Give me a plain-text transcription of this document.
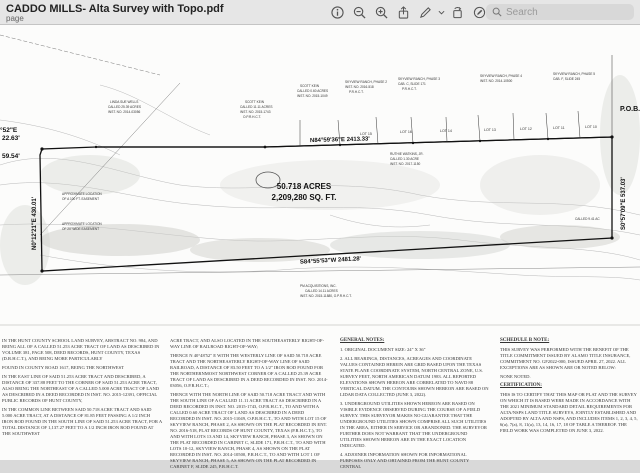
CADDO MILLS- Alta Survey with Topo.pdf
page
Search
SCOTT KEIN
CALLED 11.11 ACRES
INST. NO. 2015-1743
O.P.R.H.C.T.
SCOTT KEIN
CALLED 0.60 ACRES
INST. NO. 2015-1049
SKYVIEW RANCH, PHASE 2
INST. NO. 2016-518
P.R.H.C.T.
SKYVIEW RANCH, PHASE 3
CAB. C, SLIDE 171
P.R.H.C.T.
SKYVIEW RANCH, PHASE 4
INST. NO. 2014-10500
SKYVIEW RANCH, PHASE 5
CAB. F, SLIDE 245
LINDA SUE WELLS
CALLED 25.39 ACRES
INST. NO. 2014-03056
RUTHIE WATKINS, JR.
CALLED 1.30 ACRE
INST. NO. 2017-1150
APPROXIMATE LOCATION
OF A 100 FT. EASEMENT
APPROXIMATE LOCATION
OF 20' WIDE EASEMENT
CALLED 9.41 AC
LOT 15	LOT 16	LOT 14	LOT 13	LOT 12	LOT 11	LOT 10
N84°59'36"E 2413.33'
S84°55'53"W 2481.28'
N0°12'21"E 430.01'	S0°57'09"E 537.03'
50.718 ACRES
2,209,280 SQ. FT.
P.O.B.
°52"E
22.63'
59.54'
PM ACQUISITIONS, INC.
CALLED 14.11 ACRES
INST. NO. 2015-11880, O.P.R.H.C.T.

IN THE HUNT COUNTY SCHOOL LAND SURVEY, ABSTRACT NO. 984, AND BEING ALL OF A CALLED 51.253 ACRE TRACT OF LAND AS DESCRIBED IN VOLUME 381, PAGE 508, DEED RECORDS, HUNT COUNTY, TEXAS (D.R.H.C.T.), AND BEING MORE PARTICULARLY

FOUND IN COUNTY ROAD 1617, BEING THE NORTHWEST

IN THE EAST LINE OF SAID 51.253 ACRE TRACT AND DESCRIBED, A DISTANCE OF 337.88 FEET TO THE CORNER OF SAID 51.253 ACRE TRACT, ALSO BEING THE NORTHEAST OF A CALLED 5.000 ACRE TRACT OF LAND AS DESCRIBED IN A DEED RECORDED IN INST. NO. 2015-12391, OFFICIAL PUBLIC RECORDS OF HUNT COUNTY,

IN THE COMMON LINE BETWEEN SAID 50.718 ACRE TRACT AND SAID 5.000 ACRE TRACT, AT A DISTANCE OF 81.85 FEET PASSING A 1/2 INCH IRON ROD FOUND IN THE SOUTH LINE OF SAID 51.253 ACRE TRACT, FOR A TOTAL DISTANCE OF 1,137.27 FEET TO A 1/2 INCH IRON ROD FOUND AT THE SOUTHWEST

ACRE TRACT, AND ALSO LOCATED IN THE SOUTHEASTERLY RIGHT-OF-WAY LINE OF RAILROAD RIGHT-OF-WAY;

THENCE N 40°48'52" E WITH THE WESTERLY LINE OF SAID 50.718 ACRE TRACT AND THE NORTHEASTERLY RIGHT-OF-WAY LINE OF SAID RAILROAD, A DISTANCE OF 83.50 FEET TO A 1/2" IRON ROD FOUND FOR THE NORTHERNMOST NORTHWEST CORNER OF A CALLED 25.39 ACRE TRACT OF LAND AS DESCRIBED IN A DEED RECORDED IN INST. NO. 2014-03056, O.P.R.H.C.T.;

THENCE WITH THE NORTH LINE OF SAID 50.718 ACRE TRACT AND WITH THE SOUTH LINE OF A CALLED 11.11 ACRE TRACT AS DESCRIBED IN A DEED RECORDED IN INST. NO. 2015-1743, O.P.R.H.C.T., TO AND WITH A CALLED 0.60 ACRE TRACT OF LAND AS DESCRIBED IN A DEED RECORDED IN INST. NO. 2015-11049, O.P.R.H.C.T., TO AND WITH LOT 15 OF SKYVIEW RANCH, PHASE 2, AS SHOWN ON THE PLAT RECORDED IN ENT. NO. 2016-518, PLAT RECORDS OF HUNT COUNTY, TEXAS (P.R.H.C.T.), TO AND WITH LOTS 13 AND 14, SKYVIEW RANCH, PHASE 3, AS SHOWN ON THE PLAT RECORDED IN CABINET C, SLIDE 171, P.R.H.C.T., TO AND WITH LOTS 10-12, SKYVIEW RANCH, PHASE 4, AS SHOWN ON THE PLAT RECORDED IN INST. NO. 2014-10500, P.R.H.C.T., TO AND WITH LOT 1 OF SKYVIEW RANCH, PHASE 5, AS SHOWN ON THE PLAT RECORDED IN CABINET F, SLIDE 245, P.R.H.C.T.

GENERAL NOTES:

1. ORIGINAL DOCUMENT SIZE: 24" X 36"

2. ALL BEARINGS, DISTANCES, ACREAGES AND COORDINATE VALUES CONTAINED HEREIN ARE GRID BASED UPON THE TEXAS STATE PLANE COORDINATE SYSTEM, NORTH CENTRAL ZONE, U.S. SURVEY FEET, NORTH AMERICAN DATUM 1983. ALL REPORTED ELEVATIONS SHOWN HEREON ARE CORRELATED TO NAVD 88 VERTICAL DATUM. THE CONTOURS SHOWN HEREON ARE BASED ON LIDAR DATA COLLECTED (JUNE 3, 2022).

3. UNDERGROUND UTILITIES SHOWN HEREON ARE BASED ON VISIBLE EVIDENCE OBSERVED DURING THE COURSE OF A FIELD SURVEY. THIS SURVEYOR MAKES NO GUARANTEE THAT THE UNDERGROUND UTILITIES SHOWN COMPRISE ALL SUCH UTILITIES IN THE AREA, EITHER IN SERVICE OR ABANDONED. THE SURVEYOR FURTHER DOES NOT WARRANT THAT THE UNDERGROUND UTILITIES SHOWN HEREON ARE IN THE EXACT LOCATION INDICATED.

4. ADJOINER INFORMATION SHOWN FOR INFORMATIONAL PURPOSES ONLY AND OBTAINED FROM THE HUNT COUNTY CENTRAL

SCHEDULE B NOTE:

THIS SURVEY WAS PERFORMED WITH THE BENEFIT OF THE TITLE COMMITMENT ISSUED BY ALAMO TITLE INSURANCE, COMMITMENT NO. GF2022-000, ISSUED APRIL 27, 2022. ALL EXCEPTIONS ARE AS SHOWN ARE OR NOTED BELOW:

NONE NOTED.

CERTIFICATION:

THIS IS TO CERTIFY THAT THIS MAP OR PLAT AND THE SURVEY ON WHICH IT IS BASED WERE MADE IN ACCORDANCE WITH THE 2021 MINIMUM STANDARD DETAIL REQUIREMENTS FOR ALTA/NSPS LAND TITLE SURVEYS, JOINTLY ESTABLISHED AND ADOPTED BY ALTA AND NSPS, AND INCLUDES ITEMS 1, 2, 3, 4, 5, 6(a), 7(a), 8, 11(a), 13, 14, 16, 17, 18 OF TABLE A THEREOF. THE FIELD WORK WAS COMPLETED ON JUNE 3, 2022.
